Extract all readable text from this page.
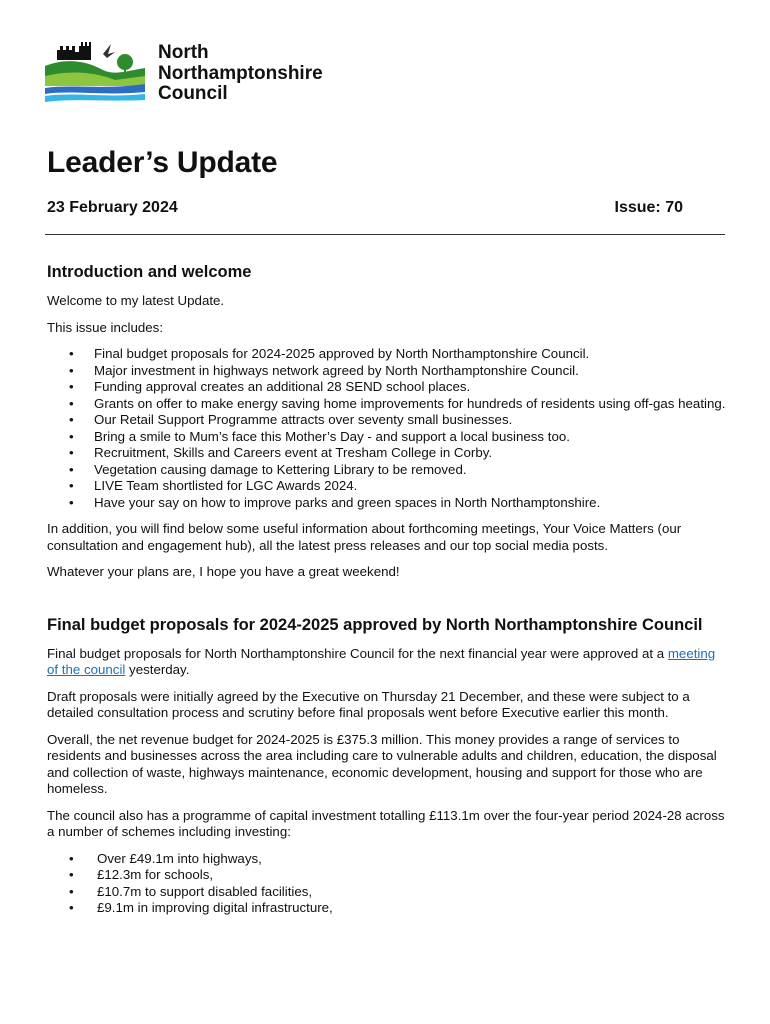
North
Northamptonshire
Council
Leader’s Update
23 February 2024	Issue: 70
Introduction and welcome

Welcome to my latest Update.

This issue includes:

• Final budget proposals for 2024-2025 approved by North Northamptonshire Council.
• Major investment in highways network agreed by North Northamptonshire Council.
• Funding approval creates an additional 28 SEND school places.
• Grants on offer to make energy saving home improvements for hundreds of residents using off-gas heating.
• Our Retail Support Programme attracts over seventy small businesses.
• Bring a smile to Mum’s face this Mother’s Day - and support a local business too.
• Recruitment, Skills and Careers event at Tresham College in Corby.
• Vegetation causing damage to Kettering Library to be removed.
• LIVE Team shortlisted for LGC Awards 2024.
• Have your say on how to improve parks and green spaces in North Northamptonshire.

In addition, you will find below some useful information about forthcoming meetings, Your Voice Matters (our consultation and engagement hub), all the latest press releases and our top social media posts.

Whatever your plans are, I hope you have a great weekend!

Final budget proposals for 2024-2025 approved by North Northamptonshire Council

Final budget proposals for North Northamptonshire Council for the next financial year were approved at a meeting of the council yesterday.

Draft proposals were initially agreed by the Executive on Thursday 21 December, and these were subject to a detailed consultation process and scrutiny before final proposals went before Executive earlier this month.

Overall, the net revenue budget for 2024-2025 is £375.3 million. This money provides a range of services to residents and businesses across the area including care to vulnerable adults and children, education, the disposal and collection of waste, highways maintenance, economic development, housing and support for those who are homeless.

The council also has a programme of capital investment totalling £113.1m over the four-year period 2024-28 across a number of schemes including investing:

• Over £49.1m into highways,
• £12.3m for schools,
• £10.7m to support disabled facilities,
• £9.1m in improving digital infrastructure,
